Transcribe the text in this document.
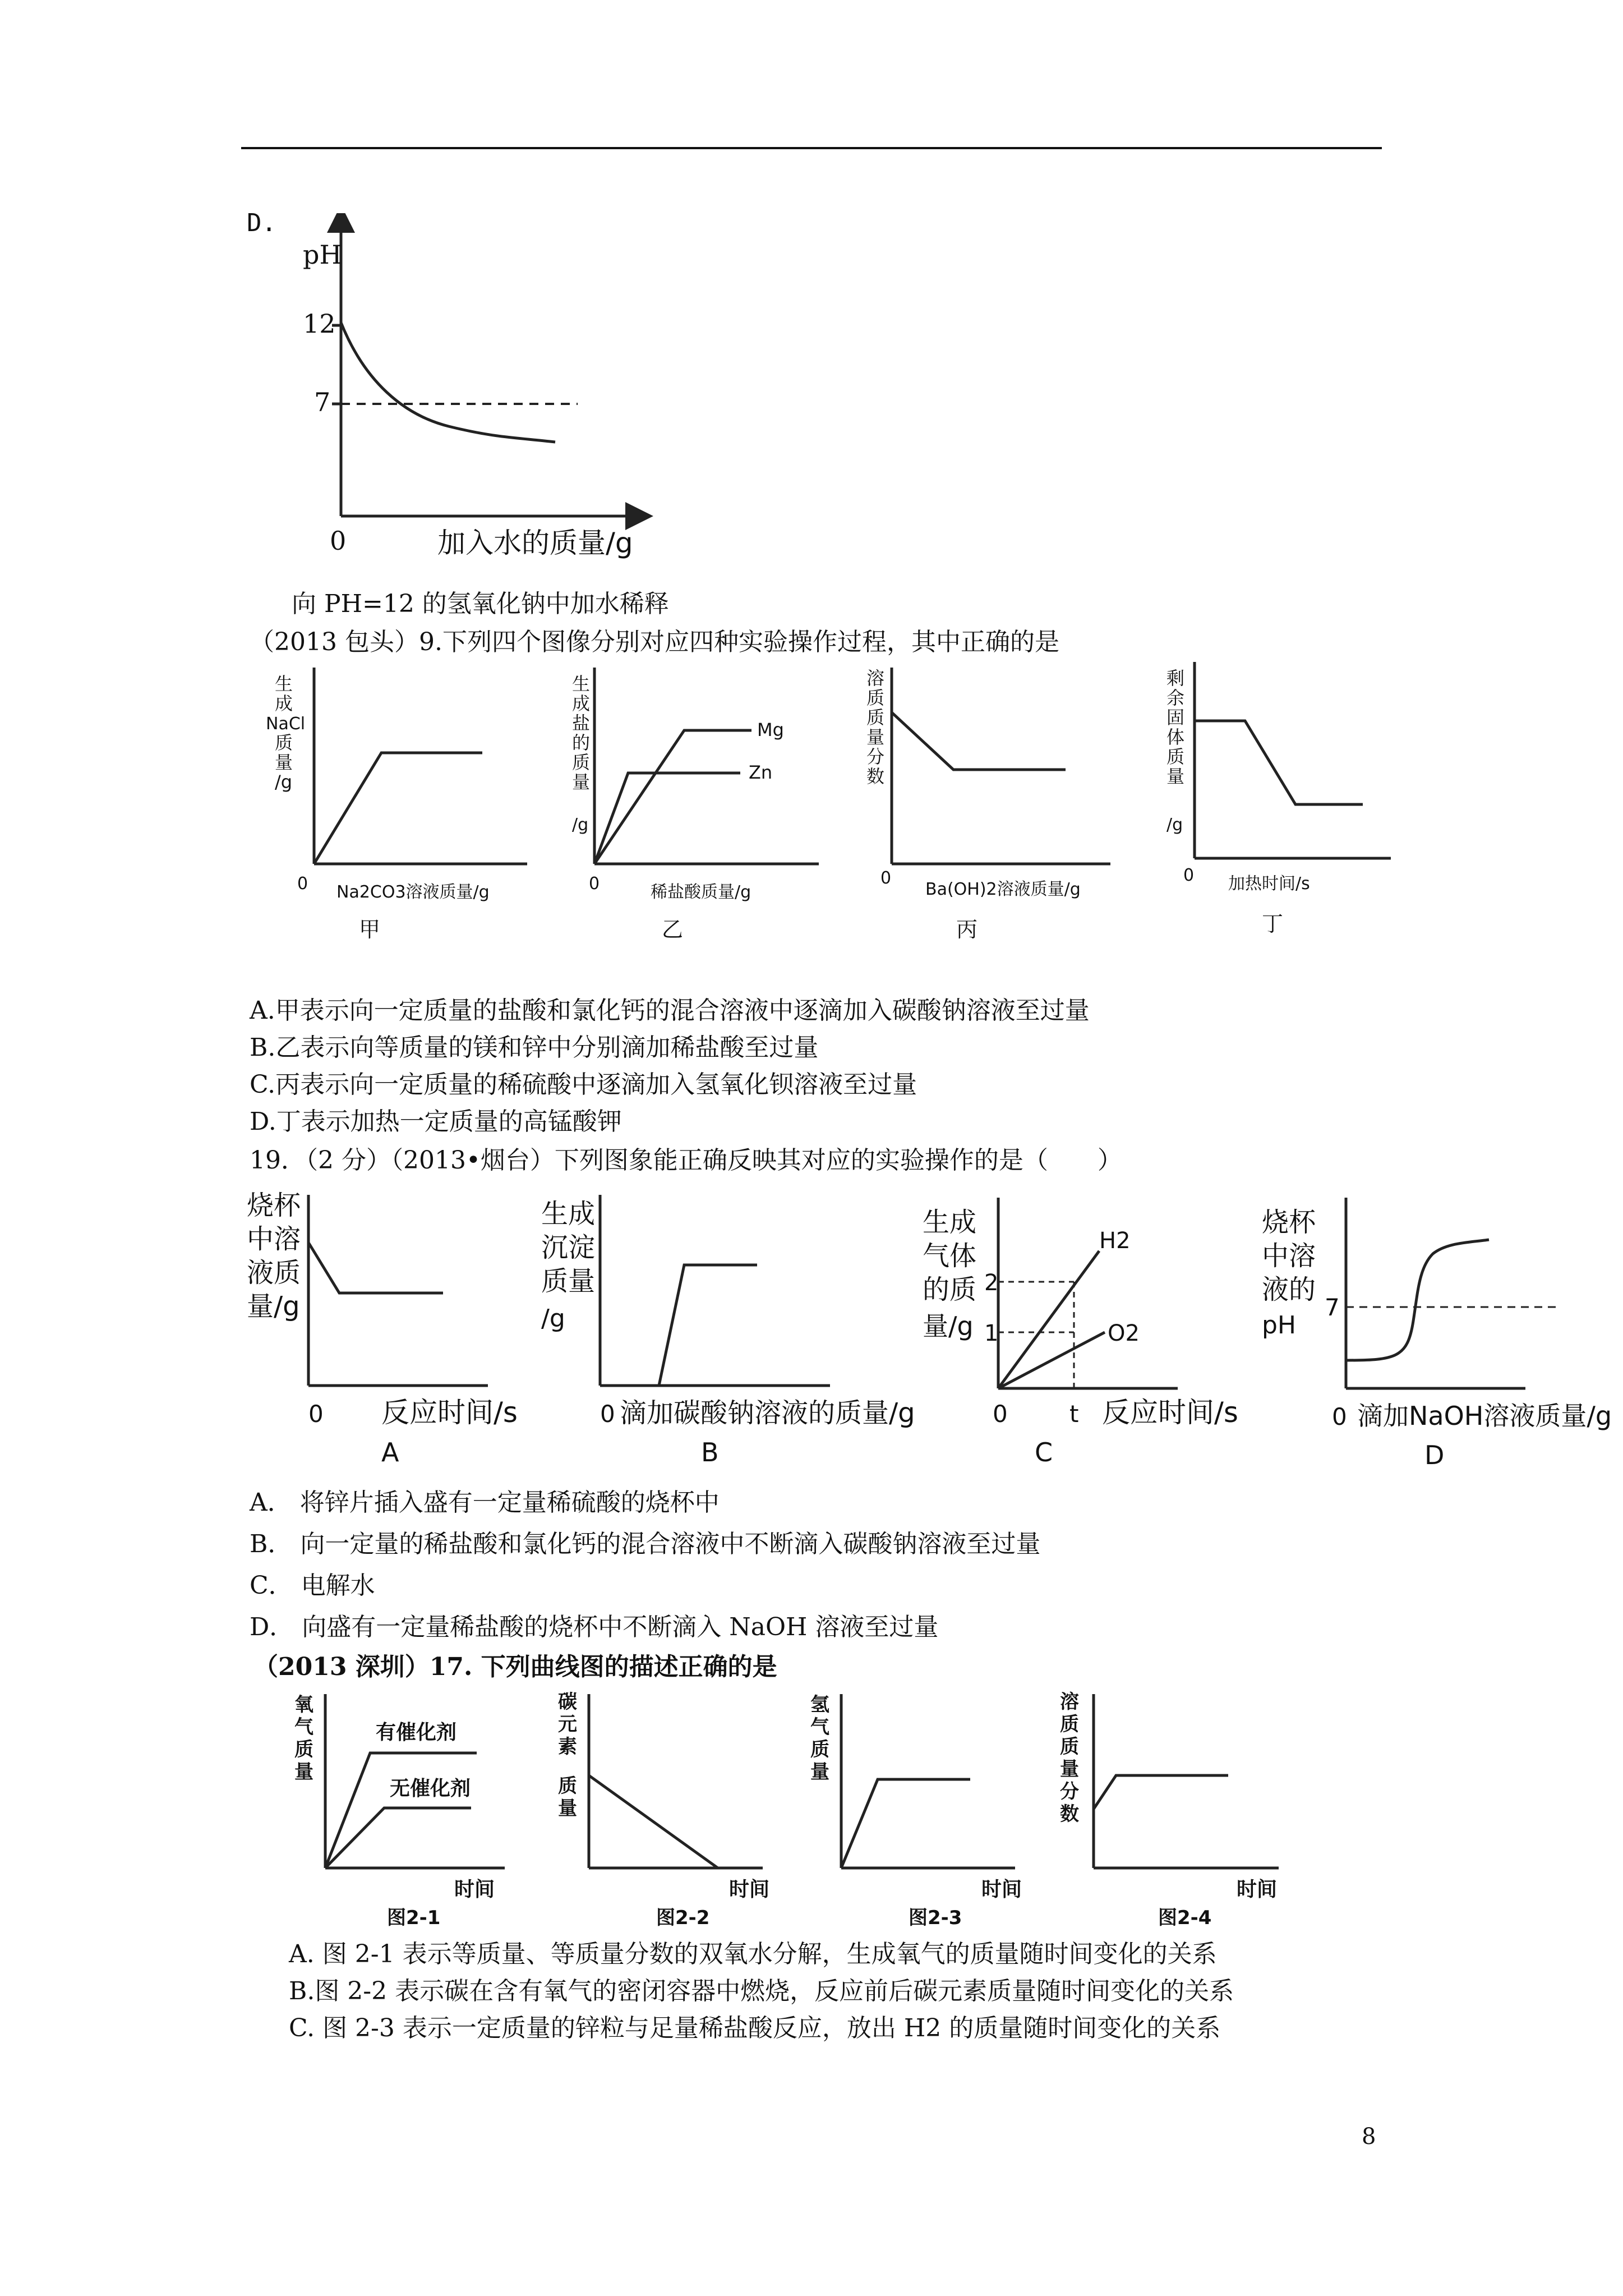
D.
pH
12
7
0	加入水的质量/g
向 PH=12 的氢氧化钠中加水稀释
（2013 包头）9.下列四个图像分别对应四种实验操作过程，其中正确的是
生
成
NaCl
质
量
/g
0 Na2CO3溶液质量/g
甲
Mg
Zn
生
成
盐
的
质
量
/g
0	稀盐酸质量/g
乙
溶
质
质
量
分
数
0
Ba(OH)2溶液质量/g
丙
剩
余
固
体
质
量
/g
0 加热时间/s
丁
A.甲表示向一定质量的盐酸和氯化钙的混合溶液中逐滴加入碳酸钠溶液至过量
B.乙表示向等质量的镁和锌中分别滴加稀盐酸至过量
C.丙表示向一定质量的稀硫酸中逐滴加入氢氧化钡溶液至过量
D.丁表示加热一定质量的高锰酸钾
19．（2 分）（2013•烟台）下列图象能正确反映其对应的实验操作的是（　　）
烧杯
中溶
液质
量/g
0 反应时间/s
A
生成
沉淀
质量
/g
0 滴加碳酸钠溶液的质量/g
B
生成
气体
的质
量/g
2
1
H2
O2
0	t 反应时间/s
C
烧杯
中溶
液的
pH
7
0 滴加NaOH溶液质量/g
D
A． 将锌片插入盛有一定量稀硫酸的烧杯中
B． 向一定量的稀盐酸和氯化钙的混合溶液中不断滴入碳酸钠溶液至过量
C． 电解水
D． 向盛有一定量稀盐酸的烧杯中不断滴入 NaOH 溶液至过量
（2013 深圳）17. 下列曲线图的描述正确的是
有催化剂
无催化剂
氧
气
质
量
时间
图2-1
碳
元
素
质
量
时间
图2-2
氢
气
质
量
时间
图2-3
溶
质
质
量
分
数
时间
图2-4
A. 图 2-1 表示等质量、等质量分数的双氧水分解，生成氧气的质量随时间变化的关系
B.图 2-2 表示碳在含有氧气的密闭容器中燃烧，反应前后碳元素质量随时间变化的关系
C. 图 2-3 表示一定质量的锌粒与足量稀盐酸反应，放出 H2 的质量随时间变化的关系
8
